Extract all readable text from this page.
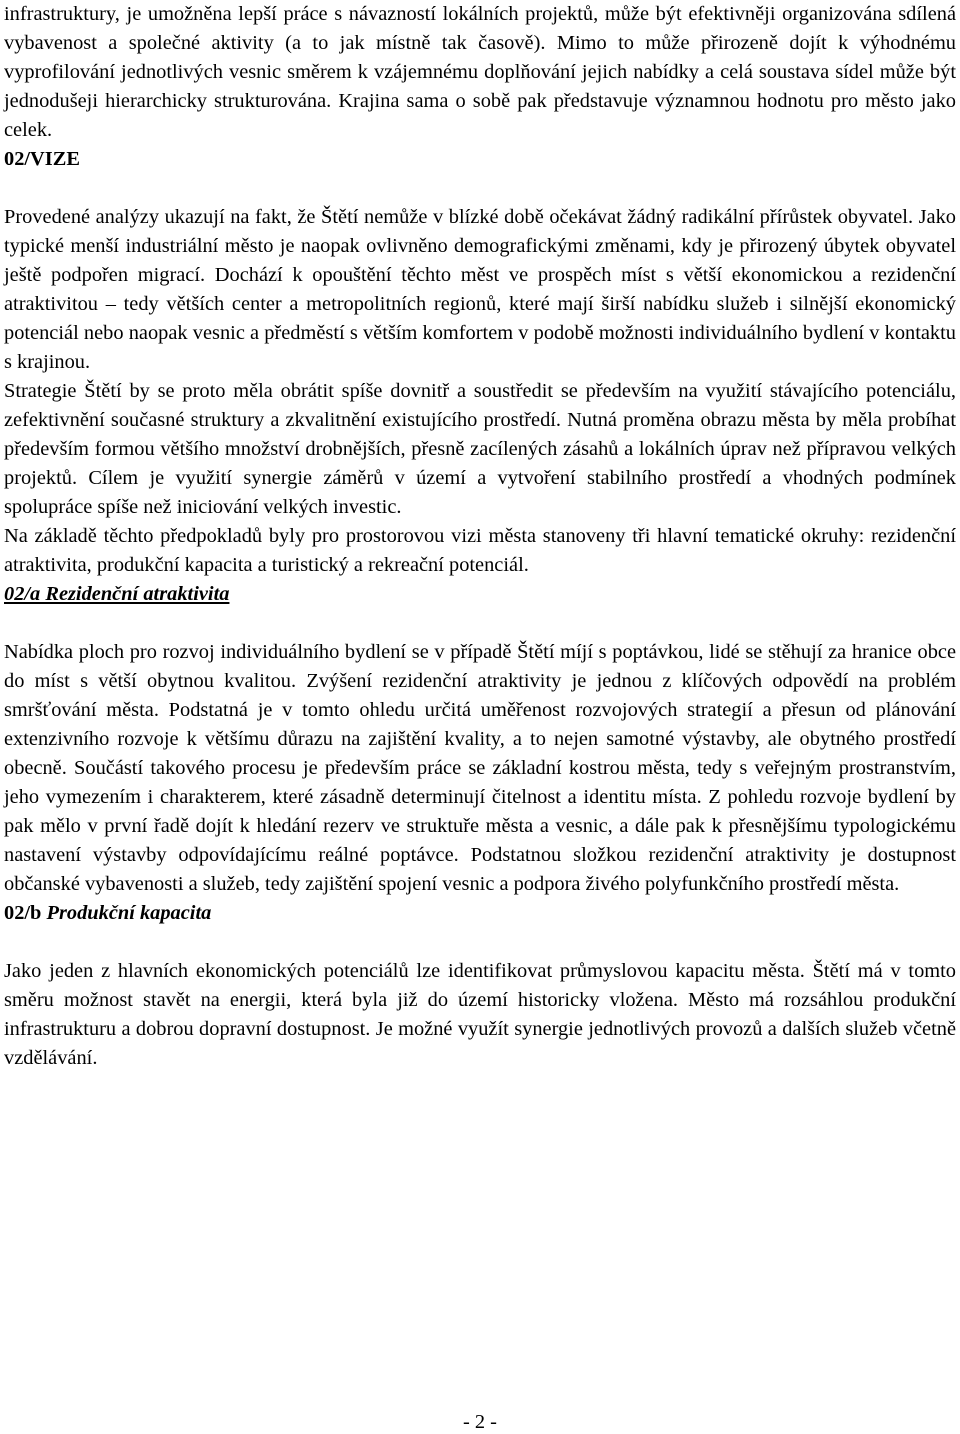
infrastruktury, je umožněna lepší práce s návazností lokálních projektů, může být efektivněji organizována sdílená vybavenost a společné aktivity (a to jak místně tak časově). Mimo to může přirozeně dojít k výhodnému vyprofilování jednotlivých vesnic směrem k vzájemnému doplňování jejich nabídky a celá soustava sídel může být jednodušeji hierarchicky strukturována. Krajina sama o sobě pak představuje významnou hodnotu pro město jako celek.

02/VIZE

Provedené analýzy ukazují na fakt, že Štětí nemůže v blízké době očekávat žádný radikální přírůstek obyvatel. Jako typické menší industriální město je naopak ovlivněno demografickými změnami, kdy je přirozený úbytek obyvatel ještě podpořen migrací. Dochází k opouštění těchto měst ve prospěch míst s větší ekonomickou a rezidenční atraktivitou – tedy větších center a metropolitních regionů, které mají širší nabídku služeb i silnější ekonomický potenciál nebo naopak vesnic a předměstí s větším komfortem v podobě možnosti individuálního bydlení v kontaktu s krajinou.

Strategie Štětí by se proto měla obrátit spíše dovnitř a soustředit se především na využití stávajícího potenciálu, zefektivnění současné struktury a zkvalitnění existujícího prostředí. Nutná proměna obrazu města by měla probíhat především formou většího množství drobnějších, přesně zacílených zásahů a lokálních úprav než přípravou velkých projektů. Cílem je využití synergie záměrů v území a vytvoření stabilního prostředí a vhodných podmínek spolupráce spíše než iniciování velkých investic.

Na základě těchto předpokladů byly pro prostorovou vizi města stanoveny tři hlavní tematické okruhy: rezidenční atraktivita, produkční kapacita a turistický a rekreační potenciál.

02/a Rezidenční atraktivita

Nabídka ploch pro rozvoj individuálního bydlení se v případě Štětí míjí s poptávkou, lidé se stěhují za hranice obce do míst s větší obytnou kvalitou. Zvýšení rezidenční atraktivity je jednou z klíčových odpovědí na problém smršťování města. Podstatná je v tomto ohledu určitá uměřenost rozvojových strategií a přesun od plánování extenzivního rozvoje k většímu důrazu na zajištění kvality, a to nejen samotné výstavby, ale obytného prostředí obecně. Součástí takového procesu je především práce se základní kostrou města, tedy s veřejným prostranstvím, jeho vymezením i charakterem, které zásadně determinují čitelnost a identitu místa. Z pohledu rozvoje bydlení by pak mělo v první řadě dojít k hledání rezerv ve struktuře města a vesnic, a dále pak k přesnějšímu typologickému nastavení výstavby odpovídajícímu reálné poptávce. Podstatnou složkou rezidenční atraktivity je dostupnost občanské vybavenosti a služeb, tedy zajištění spojení vesnic a podpora živého polyfunkčního prostředí města.

02/b Produkční kapacita

Jako jeden z hlavních ekonomických potenciálů lze identifikovat průmyslovou kapacitu města. Štětí má v tomto směru možnost stavět na energii, která byla již do území historicky vložena. Město má rozsáhlou produkční infrastrukturu a dobrou dopravní dostupnost. Je možné využít synergie jednotlivých provozů a dalších služeb včetně vzdělávání.

- 2 -
